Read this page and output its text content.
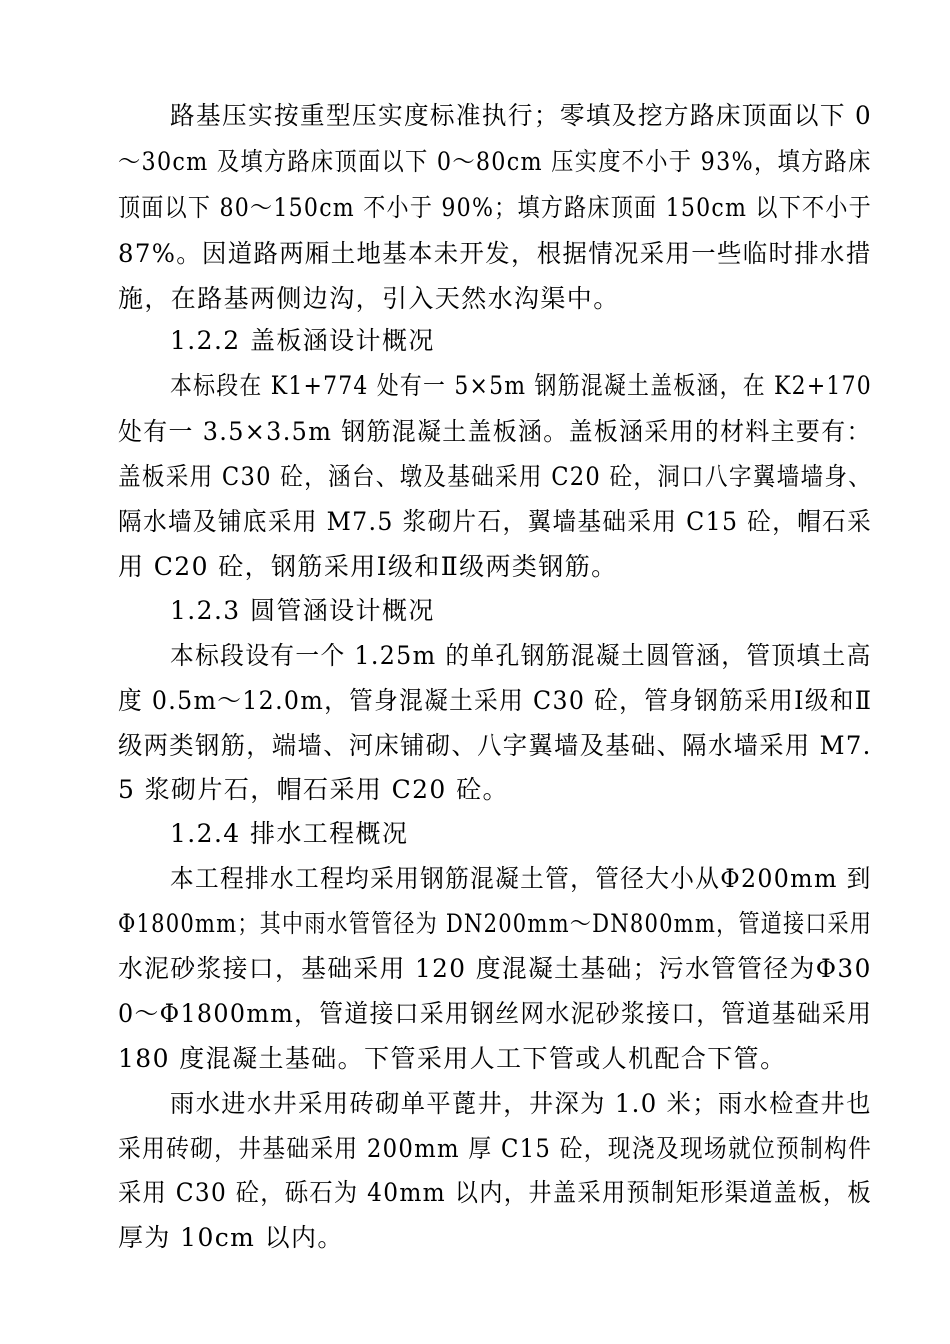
路基压实按重型压实度标准执行；零填及挖方路床顶面以下 0
～30cm 及填方路床顶面以下 0～80cm 压实度不小于 93%，填方路床
顶面以下 80～150cm 不小于 90%；填方路床顶面 150cm 以下不小于
87%。因道路两厢土地基本未开发，根据情况采用一些临时排水措
施，在路基两侧边沟，引入天然水沟渠中。
1.2.2 盖板涵设计概况
本标段在 K1+774 处有一 5×5m 钢筋混凝土盖板涵，在 K2+170
处有一 3.5×3.5m 钢筋混凝土盖板涵。盖板涵采用的材料主要有：
盖板采用 C30 砼，涵台、墩及基础采用 C20 砼，洞口八字翼墙墙身、
隔水墙及铺底采用 M7.5 浆砌片石，翼墙基础采用 C15 砼，帽石采
用 C20 砼，钢筋采用Ⅰ级和Ⅱ级两类钢筋。
1.2.3 圆管涵设计概况
本标段设有一个 1.25m 的单孔钢筋混凝土圆管涵，管顶填土高
度 0.5m～12.0m，管身混凝土采用 C30 砼，管身钢筋采用Ⅰ级和Ⅱ
级两类钢筋，端墙、河床铺砌、八字翼墙及基础、隔水墙采用 M7.
5 浆砌片石，帽石采用 C20 砼。
1.2.4 排水工程概况
本工程排水工程均采用钢筋混凝土管，管径大小从Φ200mm 到
Φ1800mm；其中雨水管管径为 DN200mm～DN800mm，管道接口采用
水泥砂浆接口，基础采用 120 度混凝土基础；污水管管径为Φ30
0～Φ1800mm，管道接口采用钢丝网水泥砂浆接口，管道基础采用
180 度混凝土基础。下管采用人工下管或人机配合下管。
雨水进水井采用砖砌单平蓖井，井深为 1.0 米；雨水检查井也
采用砖砌，井基础采用 200mm 厚 C15 砼，现浇及现场就位预制构件
采用 C30 砼，砾石为 40mm 以内，井盖采用预制矩形渠道盖板，板
厚为 10cm 以内。
